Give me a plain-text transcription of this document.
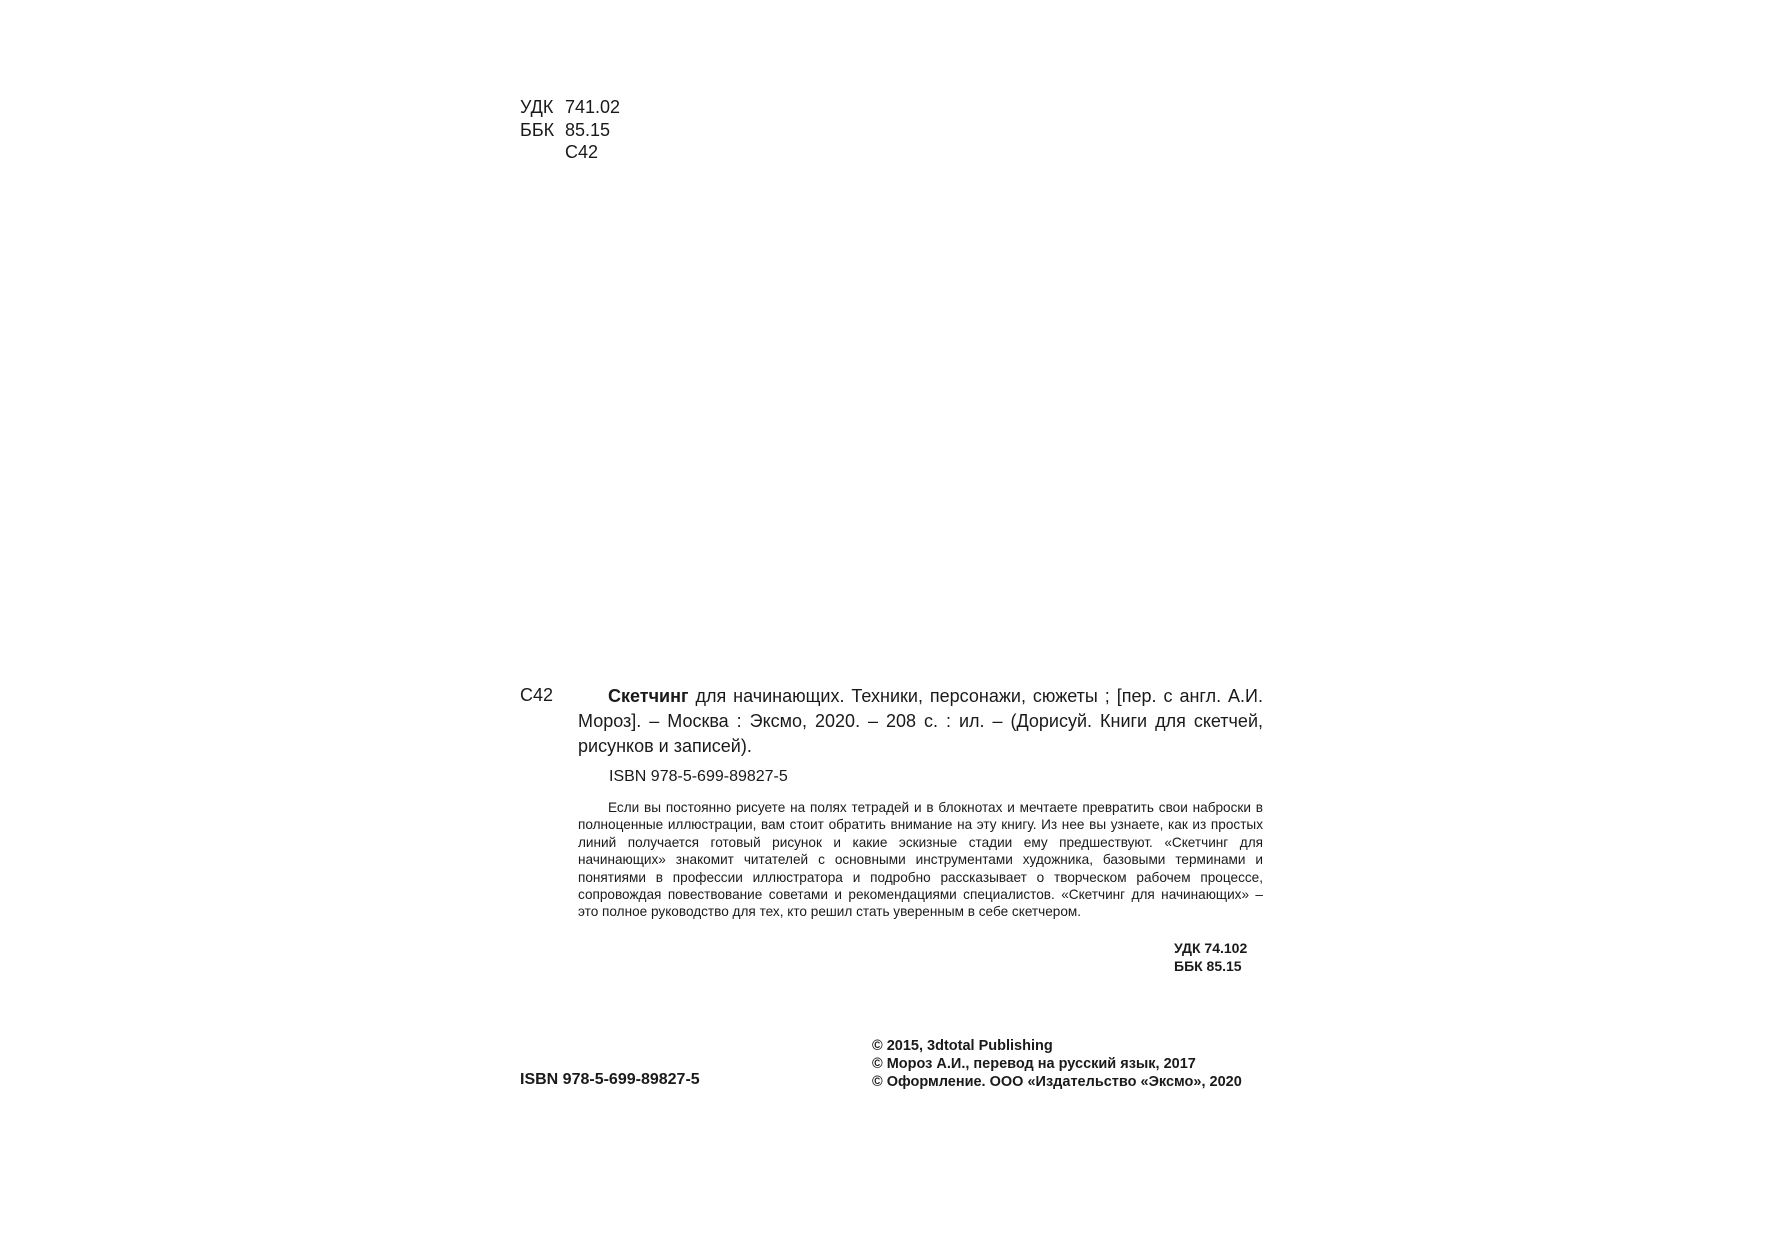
УДК 741.02
ББК 85.15
С42
С42	Скетчинг для начинающих. Техники, персонажи, сюжеты ; [пер. с англ. А.И. Мороз]. – Москва : Эксмо, 2020. – 208 с. : ил. – (Дорисуй. Книги для скетчей, рисунков и записей).
ISBN 978-5-699-89827-5
Если вы постоянно рисуете на полях тетрадей и в блокнотах и мечтаете превратить свои наброски в полноценные иллюстрации, вам стоит обратить внимание на эту книгу. Из нее вы узнаете, как из простых линий получается готовый рисунок и какие эскизные стадии ему предшествуют. «Скетчинг для начинающих» знакомит читателей с основными инструментами художника, базовыми терминами и понятиями в профессии иллюстратора и подробно рассказывает о творческом рабочем процессе, сопровождая повествование советами и рекомендациями специалистов. «Скетчинг для начинающих» – это полное руководство для тех, кто решил стать уверенным в себе скетчером.
УДК 74.102
ББК 85.15
ISBN 978-5-699-89827-5
© 2015, 3dtotal Publishing
© Мороз А.И., перевод на русский язык, 2017
© Оформление. ООО «Издательство «Эксмо», 2020
